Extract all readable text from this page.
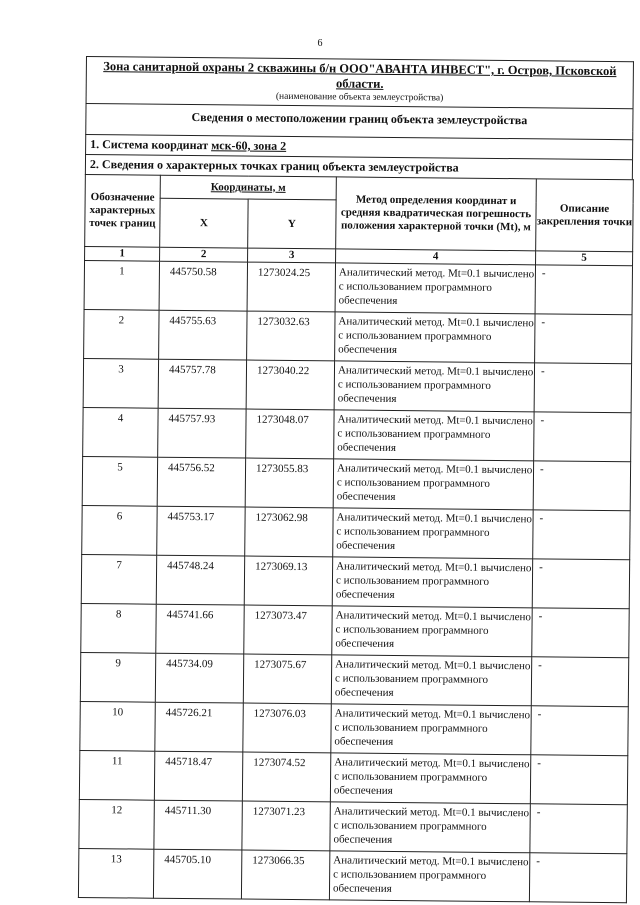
6
Зона санитарной охраны 2 скважины б/н ООО"АВАНТА ИНВЕСТ", г. Остров, Псковской области.
(наименование объекта землеустройства)
Сведения о местоположении границ объекта землеустройства
1. Система координат мск-60, зона 2
2. Сведения о характерных точках границ объекта землеустройства
Обозначение характерных точек границ	Координаты, м		Метод определения координат и средняя квадратическая погрешность положения характерной точки (Mt), м	Описание закрепления точки
	X	Y		
1	2	3	4	5
1	445750.58	1273024.25	Аналитический метод. Mt=0.1 вычислено с использованием программного обеспечения	-
2	445755.63	1273032.63	Аналитический метод. Mt=0.1 вычислено с использованием программного обеспечения	-
3	445757.78	1273040.22	Аналитический метод. Mt=0.1 вычислено с использованием программного обеспечения	-
4	445757.93	1273048.07	Аналитический метод. Mt=0.1 вычислено с использованием программного обеспечения	-
5	445756.52	1273055.83	Аналитический метод. Mt=0.1 вычислено с использованием программного обеспечения	-
6	445753.17	1273062.98	Аналитический метод. Mt=0.1 вычислено с использованием программного обеспечения	-
7	445748.24	1273069.13	Аналитический метод. Mt=0.1 вычислено с использованием программного обеспечения	-
8	445741.66	1273073.47	Аналитический метод. Mt=0.1 вычислено с использованием программного обеспечения	-
9	445734.09	1273075.67	Аналитический метод. Mt=0.1 вычислено с использованием программного обеспечения	-
10	445726.21	1273076.03	Аналитический метод. Mt=0.1 вычислено с использованием программного обеспечения	-
11	445718.47	1273074.52	Аналитический метод. Mt=0.1 вычислено с использованием программного обеспечения	-
12	445711.30	1273071.23	Аналитический метод. Mt=0.1 вычислено с использованием программного обеспечения	-
13	445705.10	1273066.35	Аналитический метод. Mt=0.1 вычислено с использованием программного обеспечения	-
